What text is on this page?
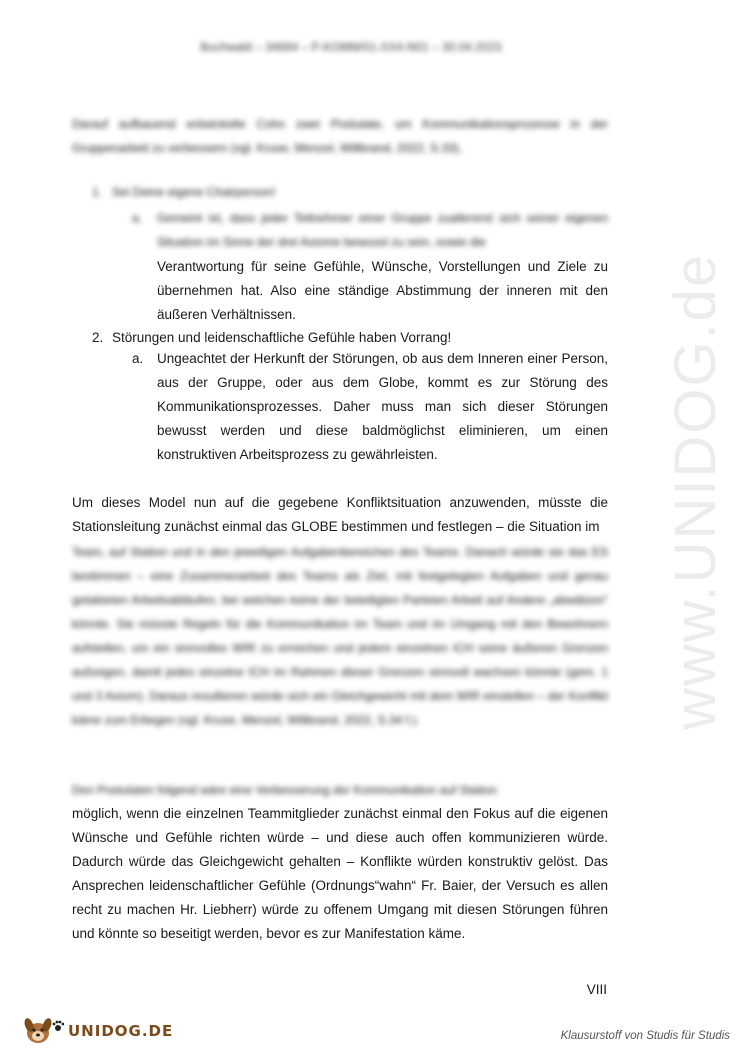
Buchwald – 34684 – P-KOMM/01-XX4-N01 – 30.04.2023
Darauf aufbauend entwickelte Cohn zwei Postulate, um Kommunikationsprozesse in der Gruppenarbeit zu verbessern (vgl. Kruse, Menzel, Willbrand, 2022, S.33).
1. Sei Deine eigene Chairperson!
a.	Gemeint ist, dass jeder Teilnehmer einer Gruppe zuallererst sich seiner eigenen Situation im Sinne der drei Axiome bewusst zu sein, sowie die
Verantwortung für seine Gefühle, Wünsche, Vorstellungen und Ziele zu übernehmen hat. Also eine ständige Abstimmung der inneren mit den äußeren Verhältnissen.
2. Störungen und leidenschaftliche Gefühle haben Vorrang!
a.	Ungeachtet der Herkunft der Störungen, ob aus dem Inneren einer Person, aus der Gruppe, oder aus dem Globe, kommt es zur Störung des Kommunikationsprozesses. Daher muss man sich dieser Störungen bewusst werden und diese baldmöglichst eliminieren, um einen konstruktiven Arbeitsprozess zu gewährleisten.
Um dieses Model nun auf die gegebene Konfliktsituation anzuwenden, müsste die Stationsleitung zunächst einmal das GLOBE bestimmen und festlegen – die Situation im
Team, auf Station und in den jeweiligen Aufgabenbereichen des Teams. Danach würde sie das ES bestimmen – eine Zusammenarbeit des Teams als Ziel, mit festgelegten Aufgaben und genau getakteten Arbeitsabläufen, bei welchen keine der beteiligten Parteien Arbeit auf Andere „abwälzen“ könnte. Sie müsste Regeln für die Kommunikation im Team und im Umgang mit den Bewohnern aufstellen, um ein sinnvolles WIR zu erreichen und jedem einzelnen ICH seine äußeren Grenzen aufzeigen, damit jedes einzelne ICH im Rahmen dieser Grenzen sinnvoll wachsen könnte (gem. 1 und 3 Axiom). Daraus resultieren würde sich ein Gleichgewicht mit dem WIR einstellen – der Konflikt käme zum Erliegen (vgl. Kruse, Menzel, Willbrand, 2022, S.34 f.).
Den Postulaten folgend wäre eine Verbesserung der Kommunikation auf Station
möglich, wenn die einzelnen Teammitglieder zunächst einmal den Fokus auf die eigenen Wünsche und Gefühle richten würde – und diese auch offen kommunizieren würde. Dadurch würde das Gleichgewicht gehalten – Konflikte würden konstruktiv gelöst. Das Ansprechen leidenschaftlicher Gefühle (Ordnungs“wahn“ Fr. Baier, der Versuch es allen recht zu machen Hr. Liebherr) würde zu offenem Umgang mit diesen Störungen führen und könnte so beseitigt werden, bevor es zur Manifestation käme.
VIII
www.UNIDOG.de
UNIDOG.DE	Klausurstoff von Studis für Studis
